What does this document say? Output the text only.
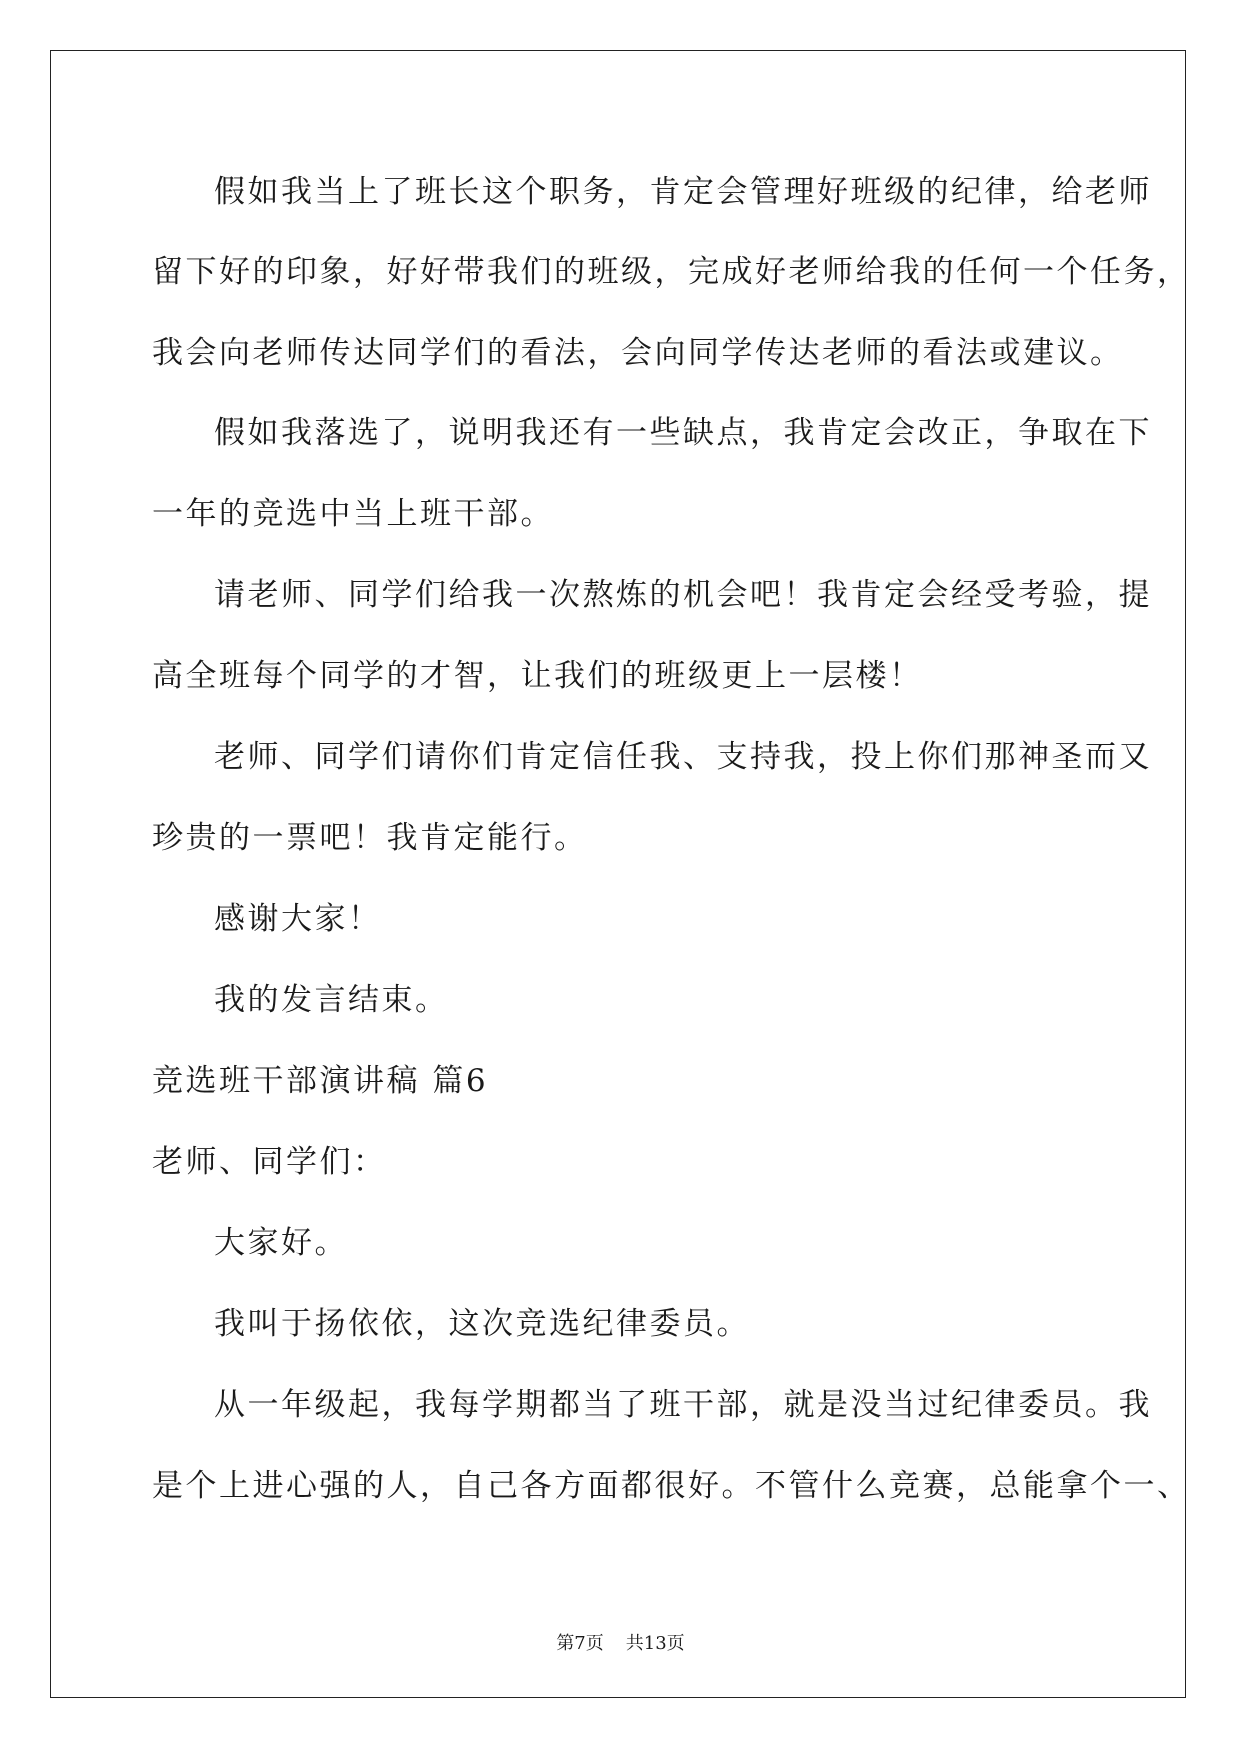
假如我当上了班长这个职务，肯定会管理好班级的纪律，给老师
留下好的印象，好好带我们的班级，完成好老师给我的任何一个任务，
我会向老师传达同学们的看法，会向同学传达老师的看法或建议。
假如我落选了，说明我还有一些缺点，我肯定会改正，争取在下
一年的竞选中当上班干部。
请老师、同学们给我一次熬炼的机会吧！我肯定会经受考验，提
高全班每个同学的才智，让我们的班级更上一层楼！
老师、同学们请你们肯定信任我、支持我，投上你们那神圣而又
珍贵的一票吧！我肯定能行。
感谢大家！
我的发言结束。
竞选班干部演讲稿 篇6
老师、同学们：
大家好。
我叫于扬依依，这次竞选纪律委员。
从一年级起，我每学期都当了班干部，就是没当过纪律委员。我
是个上进心强的人，自己各方面都很好。不管什么竞赛，总能拿个一、
第7页 共13页
